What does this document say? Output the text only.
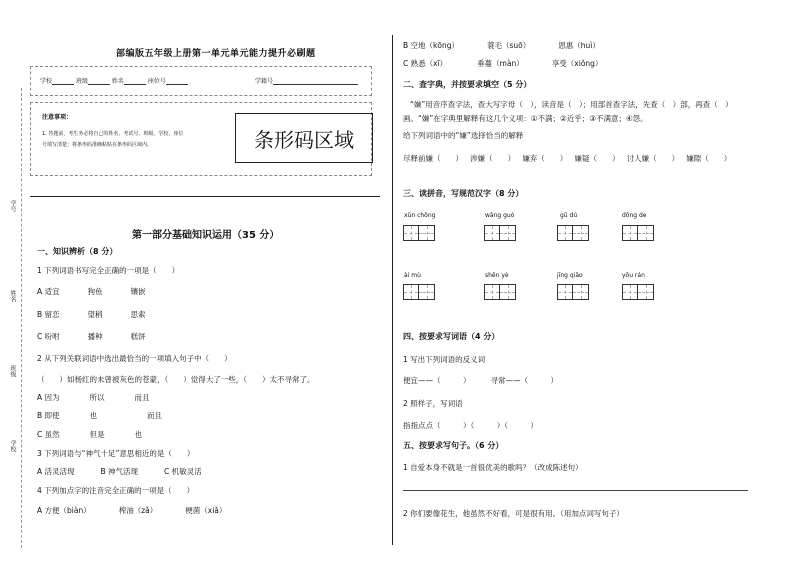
学号
姓名
班级
学校
部编版五年级上册第一单元单元能力提升必刷题
学校	班级	姓名	座位号	学籍号
注意事项：
1. 答题前，考生务必将自己的姓名、考试号、班级、学校、座位
号填写清楚；将条形码准确粘贴在条形码区域内。	条形码区域
第一部分基础知识运用（35 分）
一、知识辨析（8 分）
1 下列词语书写完全正确的一项是（　　）
A 适宜	狗鱼	镶嵌
B 留恋	望稍	思索
C 吩咐	播种	糕饼
2 从下列关联词语中选出最恰当的一项填入句子中（　　）
（　　）如杨红的未曾被灰色的苍蒙，（　　）觉得大了一些，（　　）太不寻常了。
A 因为	所以	而且
B 即使	也	而且
C 虽然	但是	也
3 下列词语与“神气十足”意思相近的是（　　）
A 活灵活现	B 神气活现	C 机敏灵活
4 下列加点字的注音完全正确的一项是（　　）
A 方便（biàn）	榨油（zǎ）	梗菌（xiǎ）
B 空地（kōng）	蓑毛（suō）	恩惠（huì）
C 熟悉（xī）	垂蔓（màn）	享受（xiǒng）
二、查字典，并按要求填空（5 分）
“嫌”用音序查字法，查大写字母（　），读音是（　）；用部首查字法，先查（　）部，再查（　）
画。“嫌”在字典里解释有这几个义项：①不满；②近乎；③不满意；④怨。
给下列词语中的“嫌”选择恰当的解释
尽释前嫌（　　） 涉嫌（　　） 嫌弃（　　） 嫌疑（　　） 讨人嫌（　　） 嫌隙（　　）
三、读拼音，写规范汉字（8 分）
xūn chōng	wāng guò	gū dú	dōng de
ài mù	shēn yè	jīng qiǎo	yōu rán
四、按要求写词语（4 分）
1 写出下列词语的反义词
便宜——（　　　）	寻常——（　　　）
2 照样子，写词语
指指点点（　　　）（　　　）（　　　）
五、按要求写句子。（6 分）
1 自爱本身不就是一首很优美的歌吗？（改成陈述句）
2 你们要像花生，他虽然不好看，可是很有用。（用加点词写句子）
